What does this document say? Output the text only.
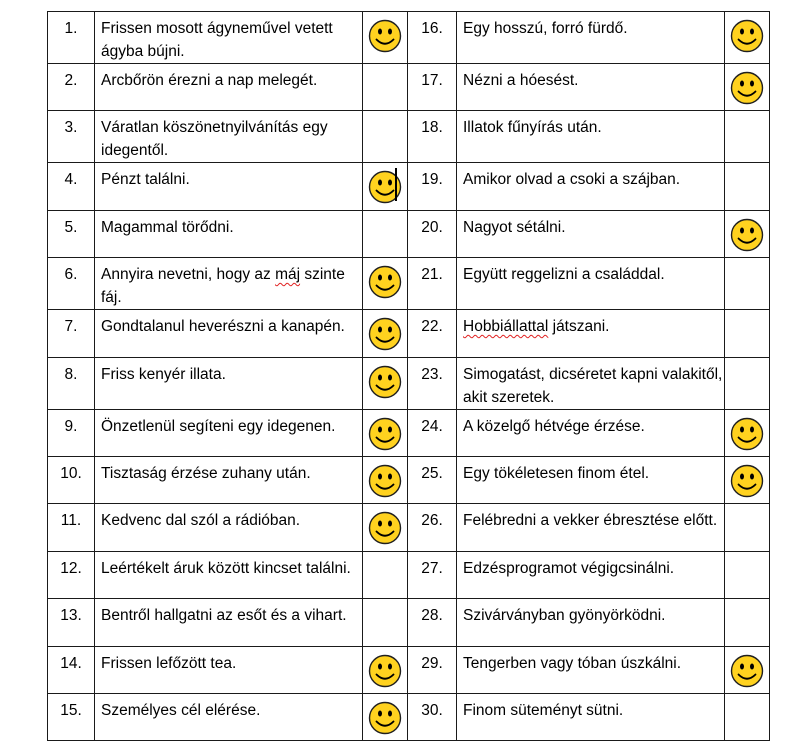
1.	Frissen mosott ágyneművel vetett ágyba bújni.		16.	Egy hosszú, forró fürdő.	

2.	Arcbőrön érezni a nap melegét.		17.	Nézni a hóesést.	

3.	Váratlan köszönetnyilvánítás egy idegentől.		18.	Illatok fűnyírás után.	
4.	Pénzt találni.		19.	Amikor olvad a csoki a szájban.	
5.	Magammal törődni.		20.	Nagyot sétálni.	

6.	Annyira nevetni, hogy az máj szinte fáj.		21.	Együtt reggelizni a családdal.	
7.	Gondtalanul heverészni a kanapén.		22.	Hobbiállattal játszani.	
8.	Friss kenyér illata.		23.	Simogatást, dicséretet kapni valakitől, akit szeretek.	
9.	Önzetlenül segíteni egy idegenen.		24.	A közelgő hétvége érzése.	

10.	Tisztaság érzése zuhany után.		25.	Egy tökéletesen finom étel.	

11.	Kedvenc dal szól a rádióban.		26.	Felébredni a vekker ébresztése előtt.	
12.	Leértékelt áruk között kincset találni.		27.	Edzésprogramot végigcsinálni.	
13.	Bentről hallgatni az esőt és a vihart.		28.	Szivárványban gyönyörködni.	
14.	Frissen lefőzött tea.		29.	Tengerben vagy tóban úszkálni.	

15.	Személyes cél elérése.		30.	Finom süteményt sütni.	
